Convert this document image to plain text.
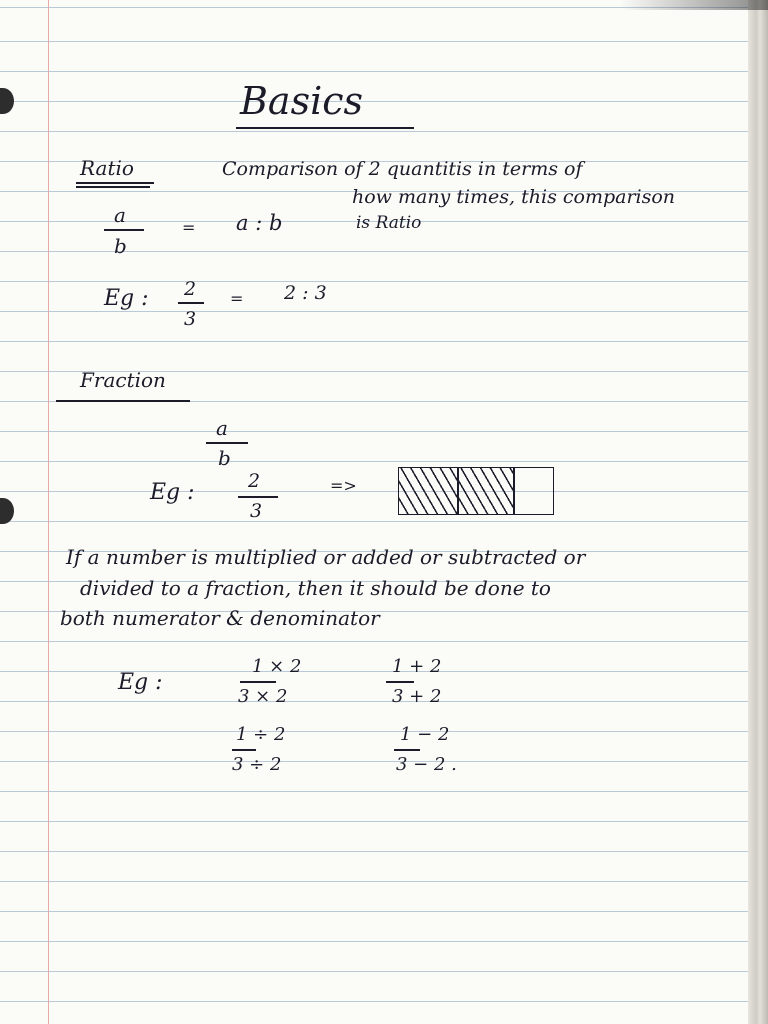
Basics
Ratio	Comparison of 2 quantitis in terms of
how many times, this comparison
is Ratio
a
b
= a : b
Eg : 2
3
= 2 : 3
Fraction
a
b
Eg :	2
3
=>
If a number is multiplied or added or subtracted or
divided to a fraction, then it should be done to
both numerator & denominator
Eg :
1 × 2
3 × 2
1 + 2
3 + 2
1 ÷ 2
3 ÷ 2
1 − 2
3 − 2 .
